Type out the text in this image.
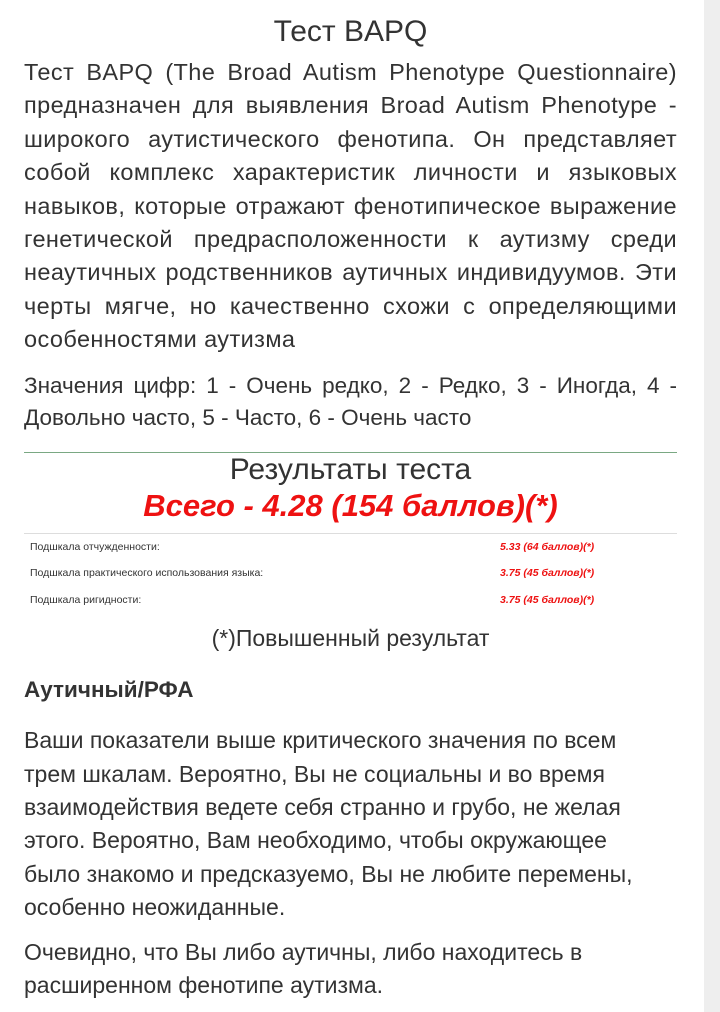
Тест BAPQ

Тест BAPQ (The Broad Autism Phenotype Questionnaire) предназначен для выявления Broad Autism Phenotype - широкого аутистического фенотипа. Он представляет собой комплекс характеристик личности и языковых навыков, которые отражают фенотипическое выражение генетической предрасположенности к аутизму среди неаутичных родственников аутичных индивидуумов. Эти черты мягче, но качественно схожи с определяющими особенностями аутизма

Значения цифр: 1 - Очень редко, 2 - Редко, 3 - Иногда, 4 - Довольно часто, 5 - Часто, 6 - Очень часто

Результаты теста
Всего - 4.28 (154 баллов)(*)
Подшкала отчужденности:	5.33 (64 баллов)(*)
Подшкала практического использования языка:	3.75 (45 баллов)(*)
Подшкала ригидности:	3.75 (45 баллов)(*)

(*)Повышенный результат

Аутичный/РФА

Ваши показатели выше критического значения по всем трем шкалам. Вероятно, Вы не социальны и во время взаимодействия ведете себя странно и грубо, не желая этого. Вероятно, Вам необходимо, чтобы окружающее было знакомо и предсказуемо, Вы не любите перемены, особенно неожиданные.

Очевидно, что Вы либо аутичны, либо находитесь в расширенном фенотипе аутизма.
